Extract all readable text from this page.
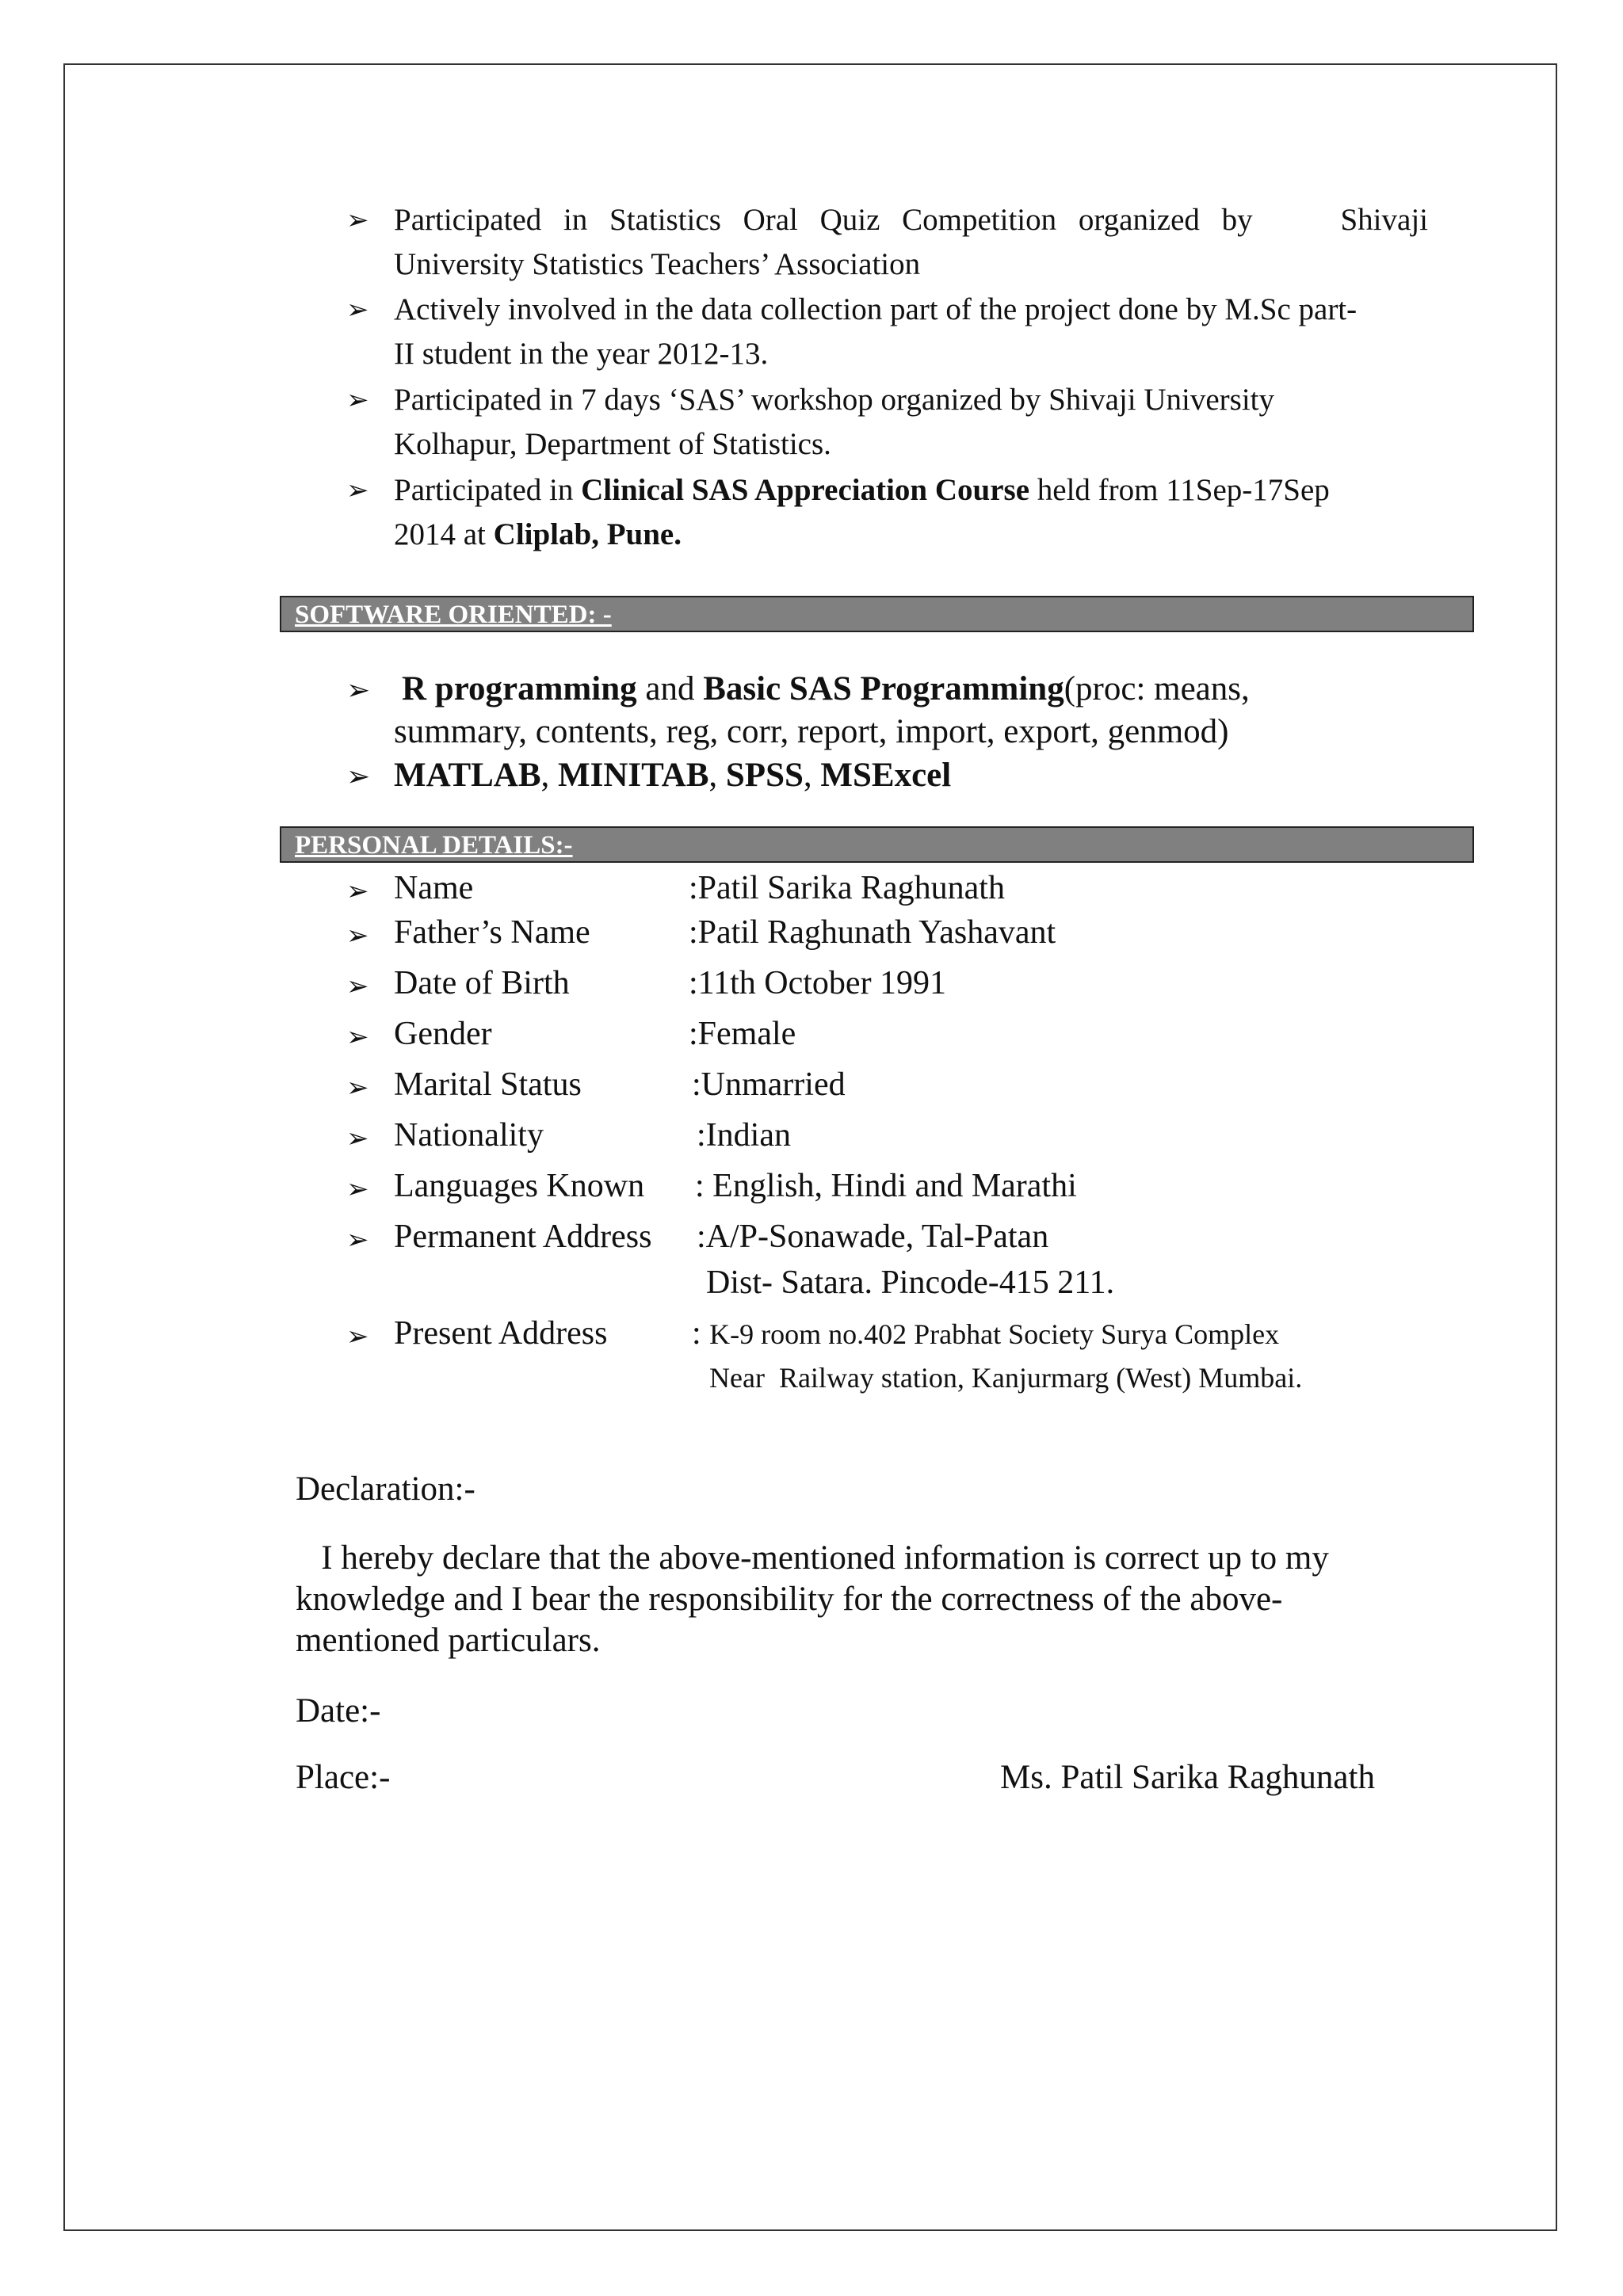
➢ Participated in Statistics Oral Quiz Competition organized by    Shivaji
University Statistics Teachers’ Association
➢ Actively involved in the data collection part of the project done by M.Sc part-
II student in the year 2012-13.
➢ Participated in 7 days ‘SAS’ workshop organized by Shivaji University
Kolhapur, Department of Statistics.
➢ Participated in Clinical SAS Appreciation Course held from 11Sep-17Sep
2014 at Cliplab, Pune.
SOFTWARE ORIENTED: -
➢ R programming and Basic SAS Programming(proc: means,
summary, contents, reg, corr, report, import, export, genmod)
➢ MATLAB, MINITAB, SPSS, MSExcel
PERSONAL DETAILS:-
➢ Name	:Patil Sarika Raghunath
➢ Father’s Name	:Patil Raghunath Yashavant
➢ Date of Birth	:11th October 1991
➢ Gender	:Female
➢ Marital Status	:Unmarried
➢ Nationality	:Indian
➢ Languages Known : English, Hindi and Marathi
➢ Permanent Address :A/P-Sonawade, Tal-Patan
Dist- Satara. Pincode-415 211.
➢ Present Address	: K-9 room no.402 Prabhat Society Surya Complex
Near  Railway station, Kanjurmarg (West) Mumbai.
Declaration:-
I hereby declare that the above-mentioned information is correct up to my
knowledge and I bear the responsibility for the correctness of the above-
mentioned particulars.
Date:-
Place:-	Ms. Patil Sarika Raghunath
